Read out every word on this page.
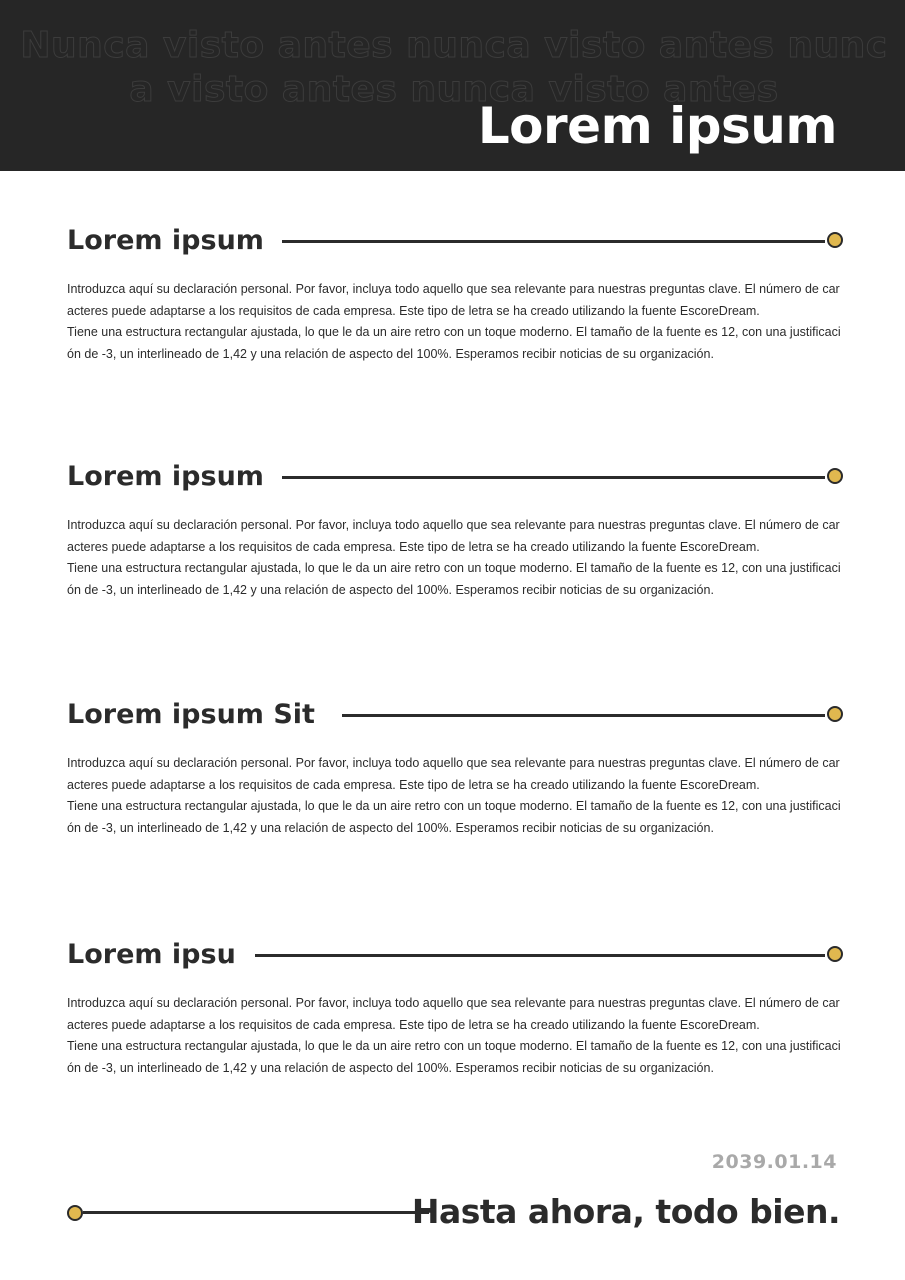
Nunca visto antes nunca visto antes nunca visto antes nunca visto antes
Lorem ipsum
Lorem ipsum

Introduzca aquí su declaración personal. Por favor, incluya todo aquello que sea relevante para nuestras preguntas clave. El número de caracteres puede adaptarse a los requisitos de cada empresa. Este tipo de letra se ha creado utilizando la fuente EscoreDream.

Tiene una estructura rectangular ajustada, lo que le da un aire retro con un toque moderno. El tamaño de la fuente es 12, con una justificación de -3, un interlineado de 1,42 y una relación de aspecto del 100%. Esperamos recibir noticias de su organización.

Lorem ipsum

Introduzca aquí su declaración personal. Por favor, incluya todo aquello que sea relevante para nuestras preguntas clave. El número de caracteres puede adaptarse a los requisitos de cada empresa. Este tipo de letra se ha creado utilizando la fuente EscoreDream.

Tiene una estructura rectangular ajustada, lo que le da un aire retro con un toque moderno. El tamaño de la fuente es 12, con una justificación de -3, un interlineado de 1,42 y una relación de aspecto del 100%. Esperamos recibir noticias de su organización.

Lorem ipsum Sit

Introduzca aquí su declaración personal. Por favor, incluya todo aquello que sea relevante para nuestras preguntas clave. El número de caracteres puede adaptarse a los requisitos de cada empresa. Este tipo de letra se ha creado utilizando la fuente EscoreDream.

Tiene una estructura rectangular ajustada, lo que le da un aire retro con un toque moderno. El tamaño de la fuente es 12, con una justificación de -3, un interlineado de 1,42 y una relación de aspecto del 100%. Esperamos recibir noticias de su organización.

Lorem ipsu

Introduzca aquí su declaración personal. Por favor, incluya todo aquello que sea relevante para nuestras preguntas clave. El número de caracteres puede adaptarse a los requisitos de cada empresa. Este tipo de letra se ha creado utilizando la fuente EscoreDream.

Tiene una estructura rectangular ajustada, lo que le da un aire retro con un toque moderno. El tamaño de la fuente es 12, con una justificación de -3, un interlineado de 1,42 y una relación de aspecto del 100%. Esperamos recibir noticias de su organización.

2039.01.14
Hasta ahora, todo bien.
